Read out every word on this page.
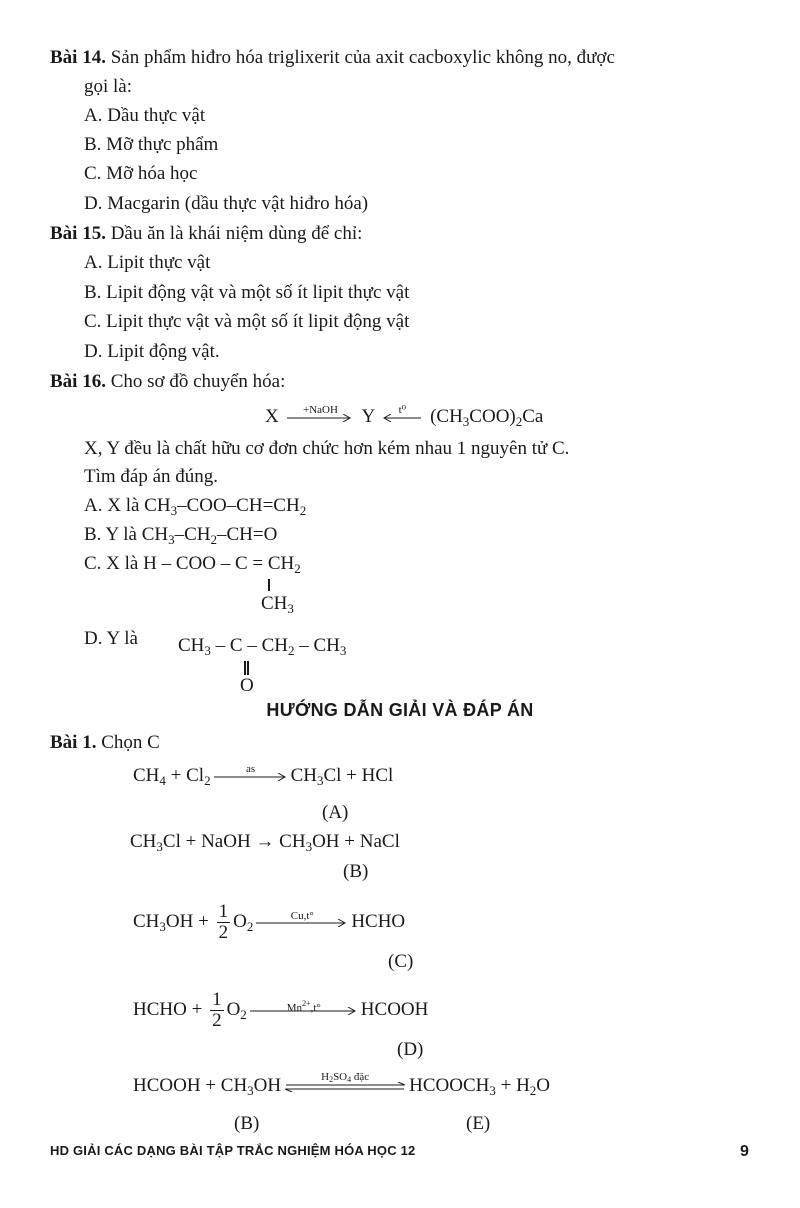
Bài 14. Sản phẩm hiđro hóa triglixerit của axit cacboxylic không no, được
gọi là:
A. Dầu thực vật
B. Mỡ thực phẩm
C. Mỡ hóa học
D. Macgarin (dầu thực vật hiđro hóa)
Bài 15. Dầu ăn là khái niệm dùng để chỉ:
A. Lipit thực vật
B. Lipit động vật và một số ít lipit thực vật
C. Lipit thực vật và một số ít lipit động vật
D. Lipit động vật.
Bài 16. Cho sơ đồ chuyển hóa:
X	+NaOH	Y	t⁰	$(CH_3COO)_2Ca$
X, Y đều là chất hữu cơ đơn chức hơn kém nhau 1 nguyên tử C.
Tìm đáp án đúng.
A. X là $CH_3-COO-CH=CH_2$
B. Y là $CH_3-CH_2-CH=O$
C. X là H – COO – $C = CH_2$
$CH_3$
D. Y là $CH_3$ – C – $CH_2 - CH_3$
O
HƯỚNG DẪN GIẢI VÀ ĐÁP ÁN
Bài 1. Chọn C
$CH_4 + Cl_2$
as	$CH_3Cl$ + HCl
(A)
$CH_3Cl$ + NaOH → $CH_3OH$ + NaCl
(B)
$CH_3OH + \frac{1}{2} O_2$
Cu,t°	HCHO
(C)
HCHO + $\frac{1}{2} O_2$	$Mn^{2+},t^\circ$	HCOOH
(D)
HCOOH + $CH_3OH$	H2SO4 đặc	$HCOOCH_3 + H_2O$
(B)	(E)
HD GIẢI CÁC DẠNG BÀI TẬP TRẮC NGHIỆM HÓA HỌC 12	9
